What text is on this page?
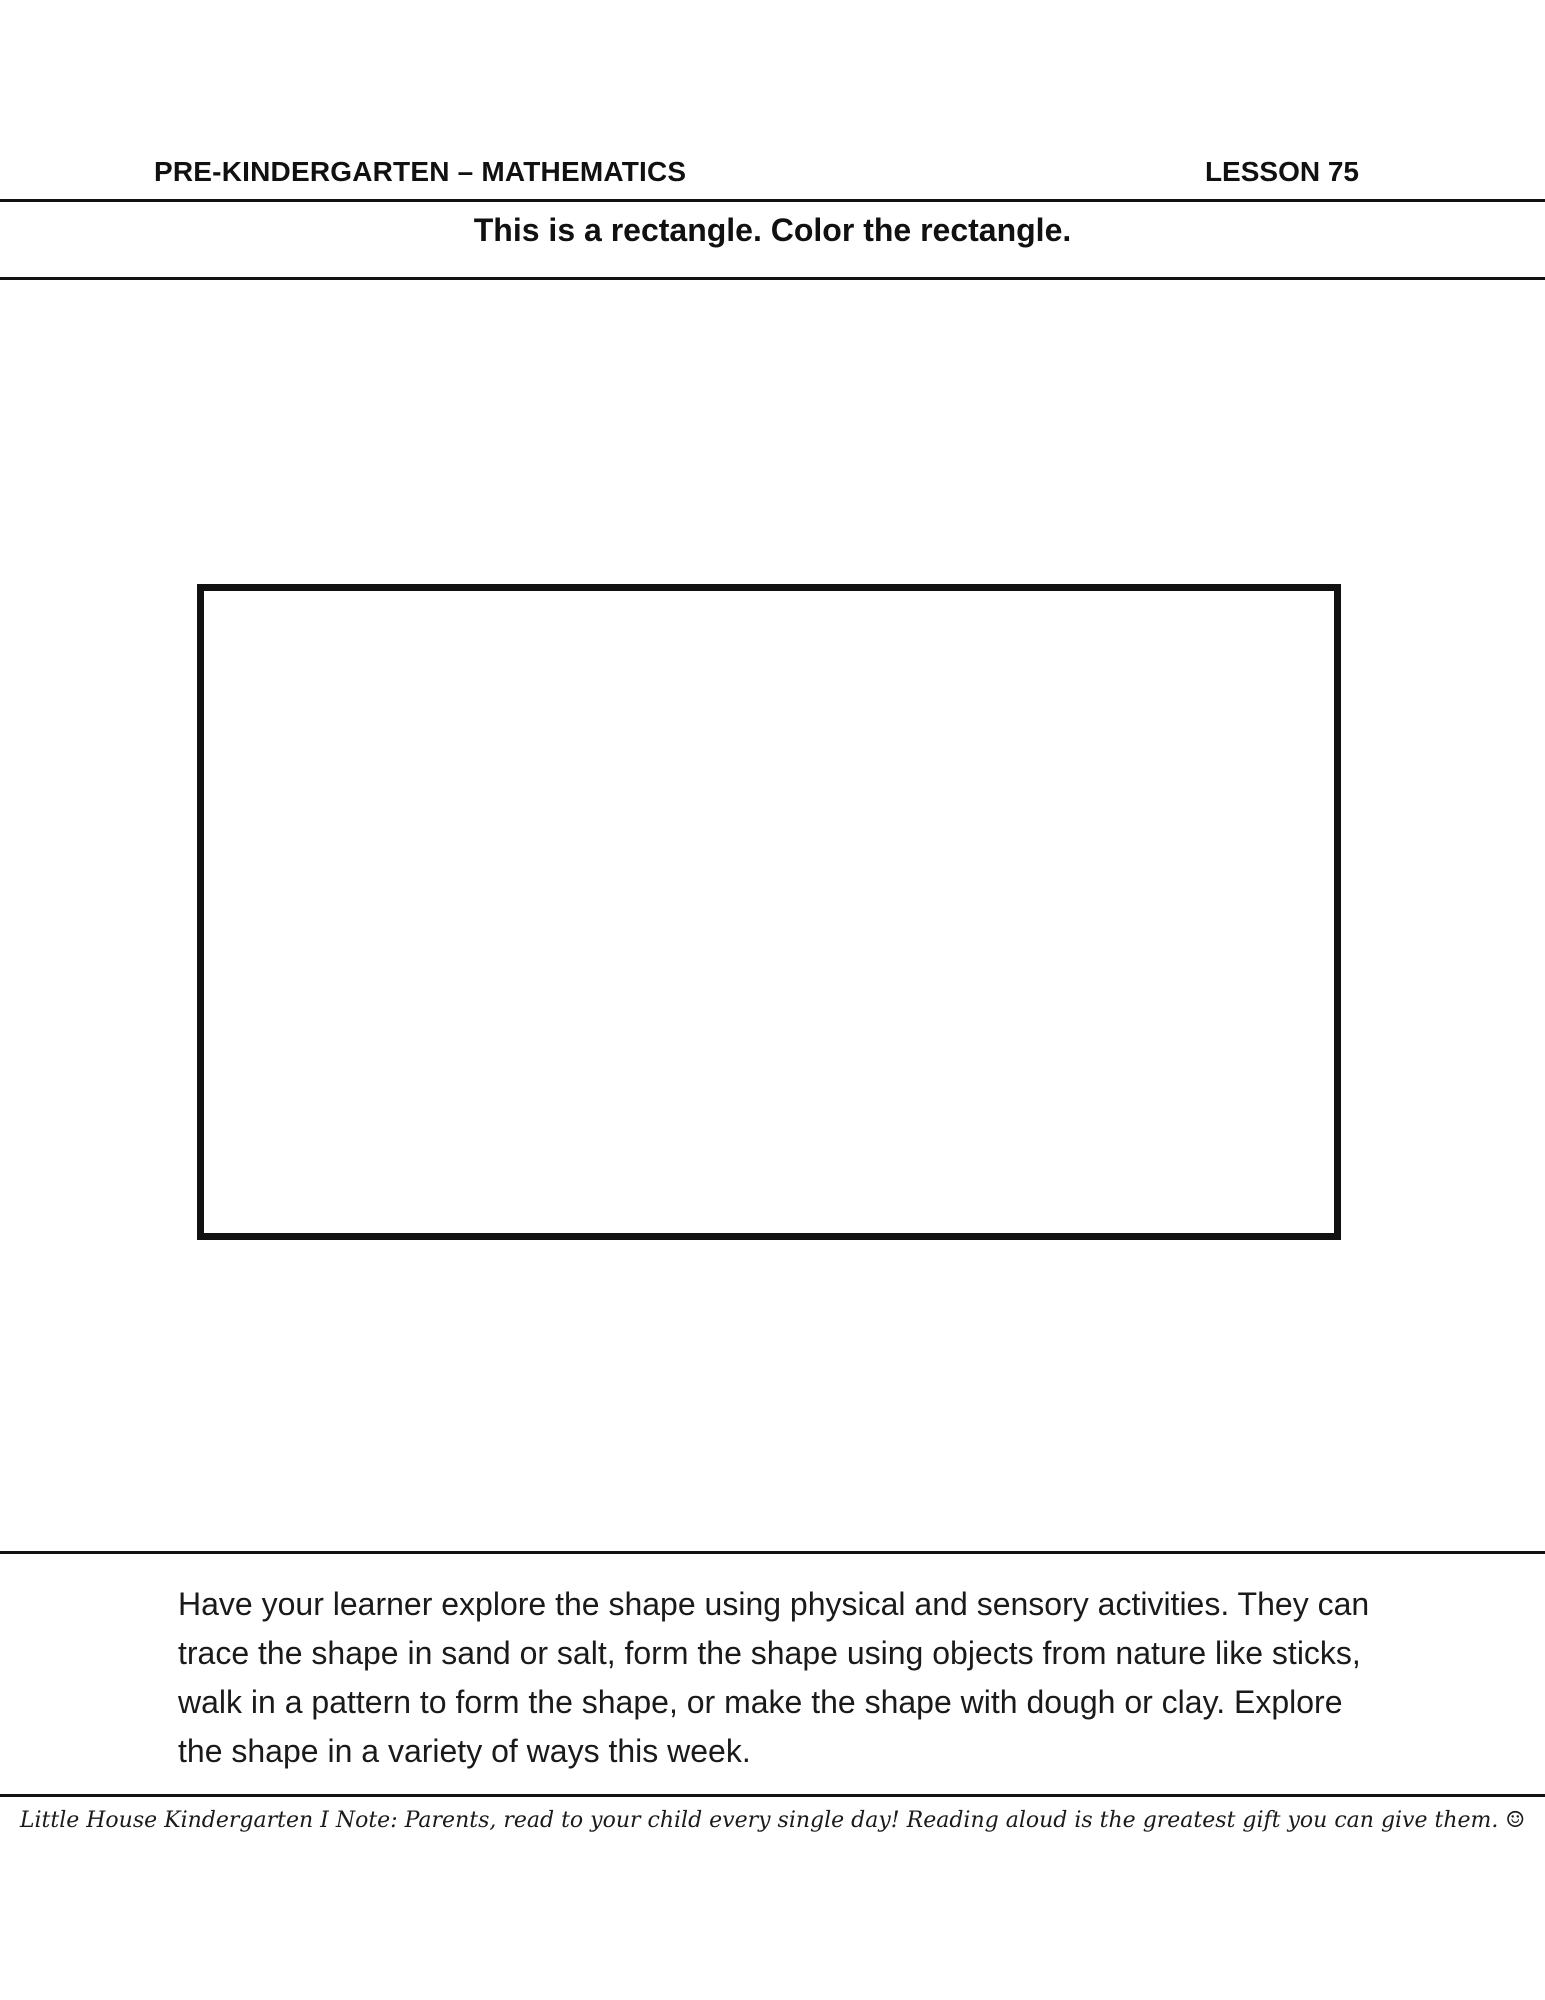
PRE-KINDERGARTEN – MATHEMATICS	LESSON 75
This is a rectangle. Color the rectangle.
Have your learner explore the shape using physical and sensory activities. They can trace the shape in sand or salt, form the shape using objects from nature like sticks, walk in a pattern to form the shape, or make the shape with dough or clay. Explore the shape in a variety of ways this week.
Little House Kindergarten I Note: Parents, read to your child every single day! Reading aloud is the greatest gift you can give them. ☺
